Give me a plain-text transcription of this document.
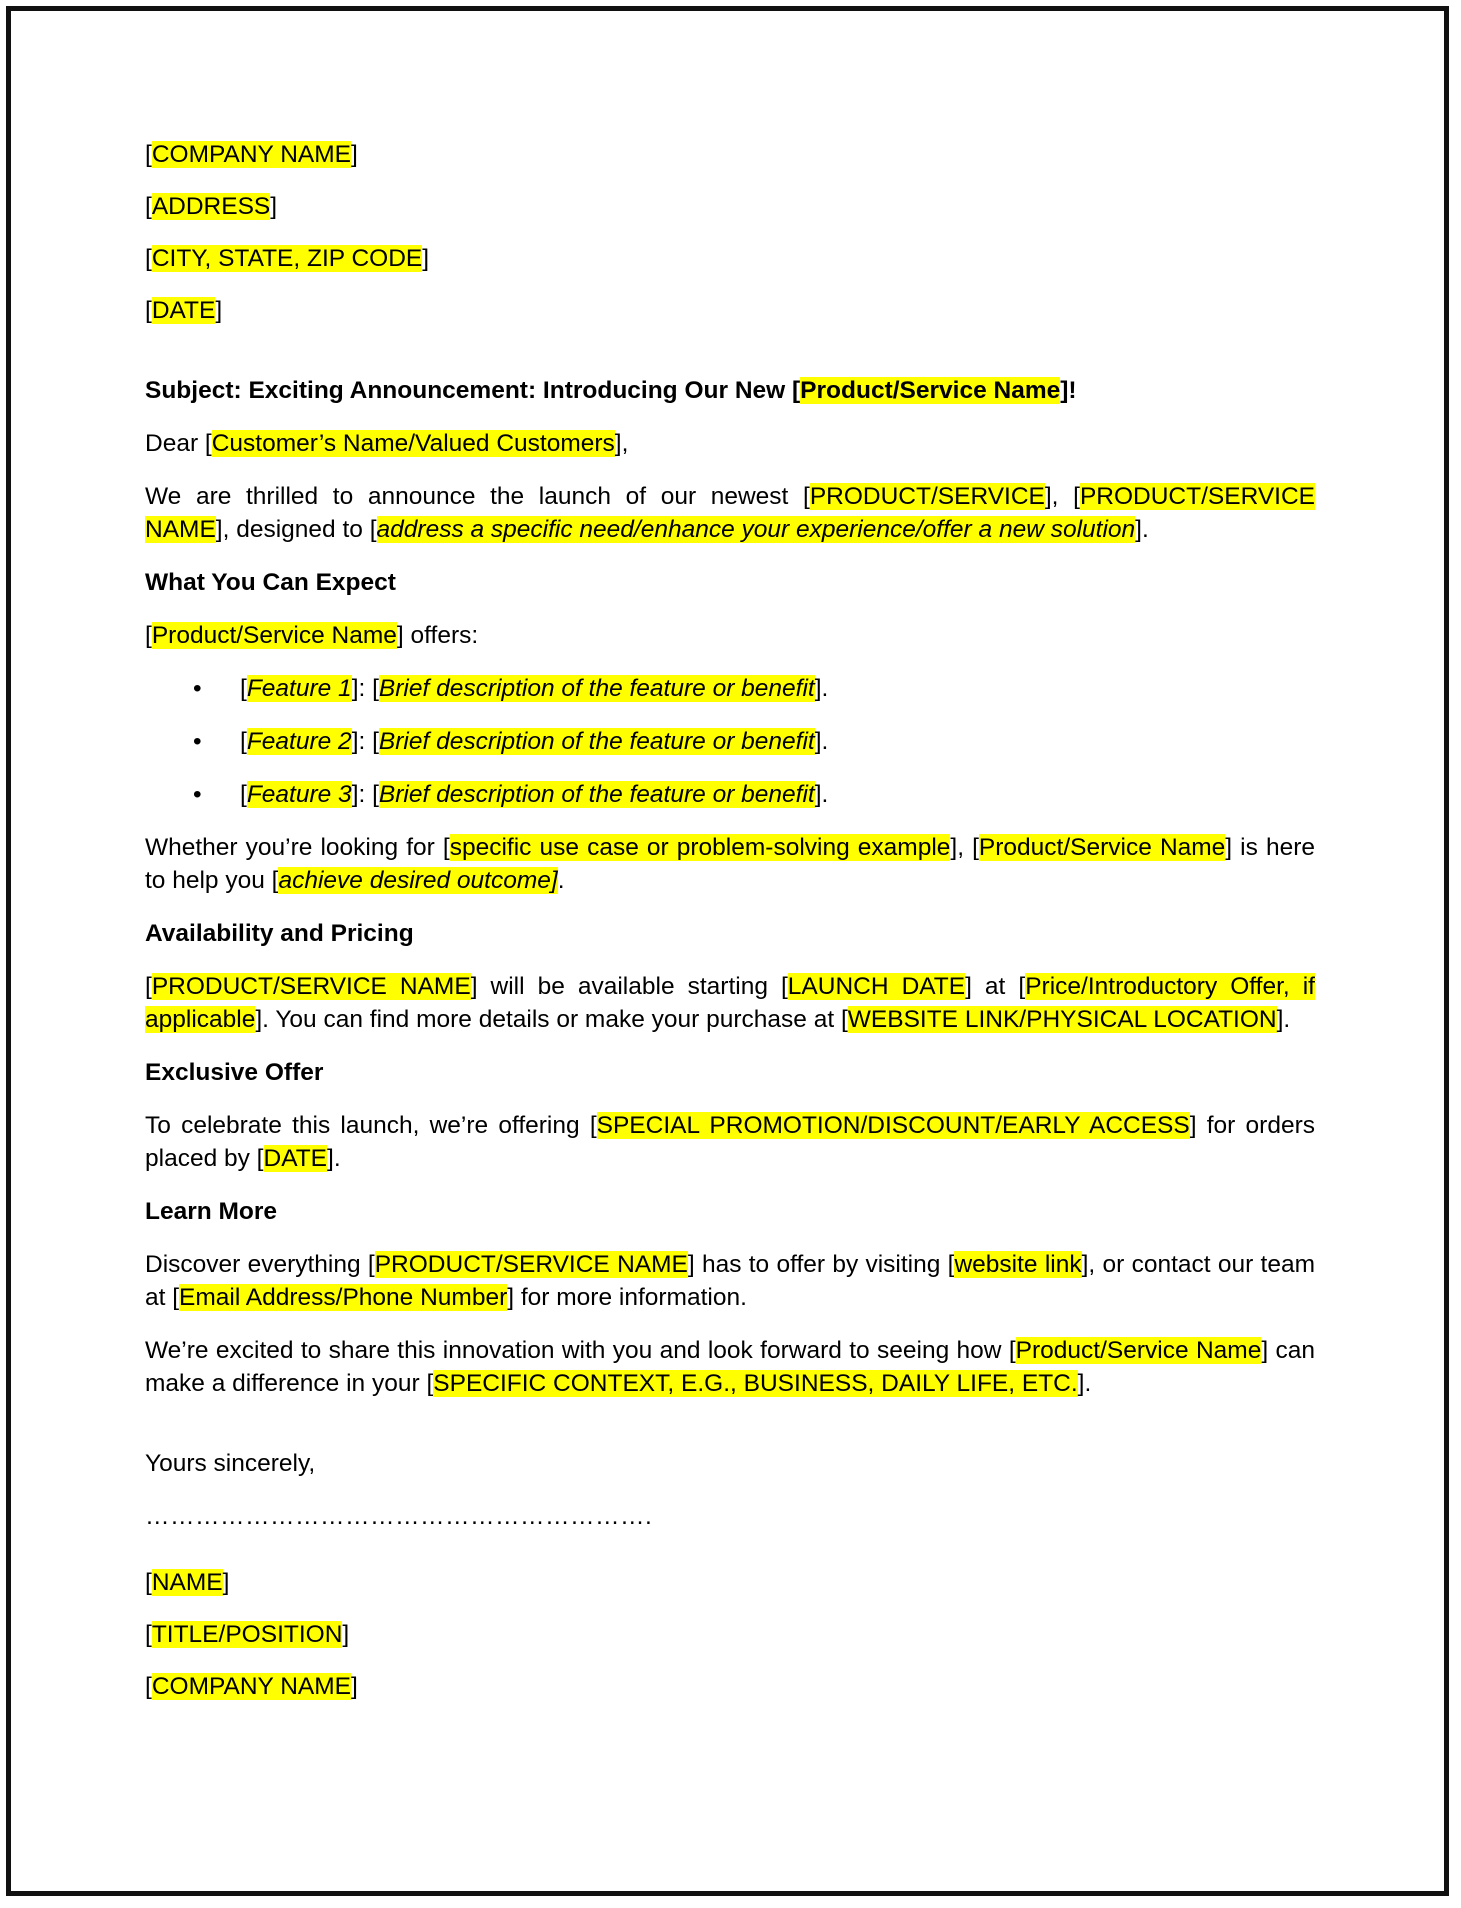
[COMPANY NAME]

[ADDRESS]

[CITY, STATE, ZIP CODE]

[DATE]

Subject: Exciting Announcement: Introducing Our New [Product/Service Name]!

Dear [Customer’s Name/Valued Customers],

We are thrilled to announce the launch of our newest [PRODUCT/SERVICE], [PRODUCT/SERVICE NAME], designed to [address a specific need/enhance your experience/offer a new solution].

What You Can Expect

[Product/Service Name] offers:

• [Feature 1]: [Brief description of the feature or benefit].
• [Feature 2]: [Brief description of the feature or benefit].
• [Feature 3]: [Brief description of the feature or benefit].

Whether you’re looking for [specific use case or problem-solving example], [Product/Service Name] is here to help you [achieve desired outcome].

Availability and Pricing

[PRODUCT/SERVICE NAME] will be available starting [LAUNCH DATE] at [Price/Introductory Offer, if applicable]. You can find more details or make your purchase at [WEBSITE LINK/PHYSICAL LOCATION].

Exclusive Offer

To celebrate this launch, we’re offering [SPECIAL PROMOTION/DISCOUNT/EARLY ACCESS] for orders placed by [DATE].

Learn More

Discover everything [PRODUCT/SERVICE NAME] has to offer by visiting [website link], or contact our team at [Email Address/Phone Number] for more information.

We’re excited to share this innovation with you and look forward to seeing how [Product/Service Name] can make a difference in your [SPECIFIC CONTEXT, E.G., BUSINESS, DAILY LIFE, ETC.].

Yours sincerely,

…………………………………………………….

[NAME]

[TITLE/POSITION]

[COMPANY NAME]
